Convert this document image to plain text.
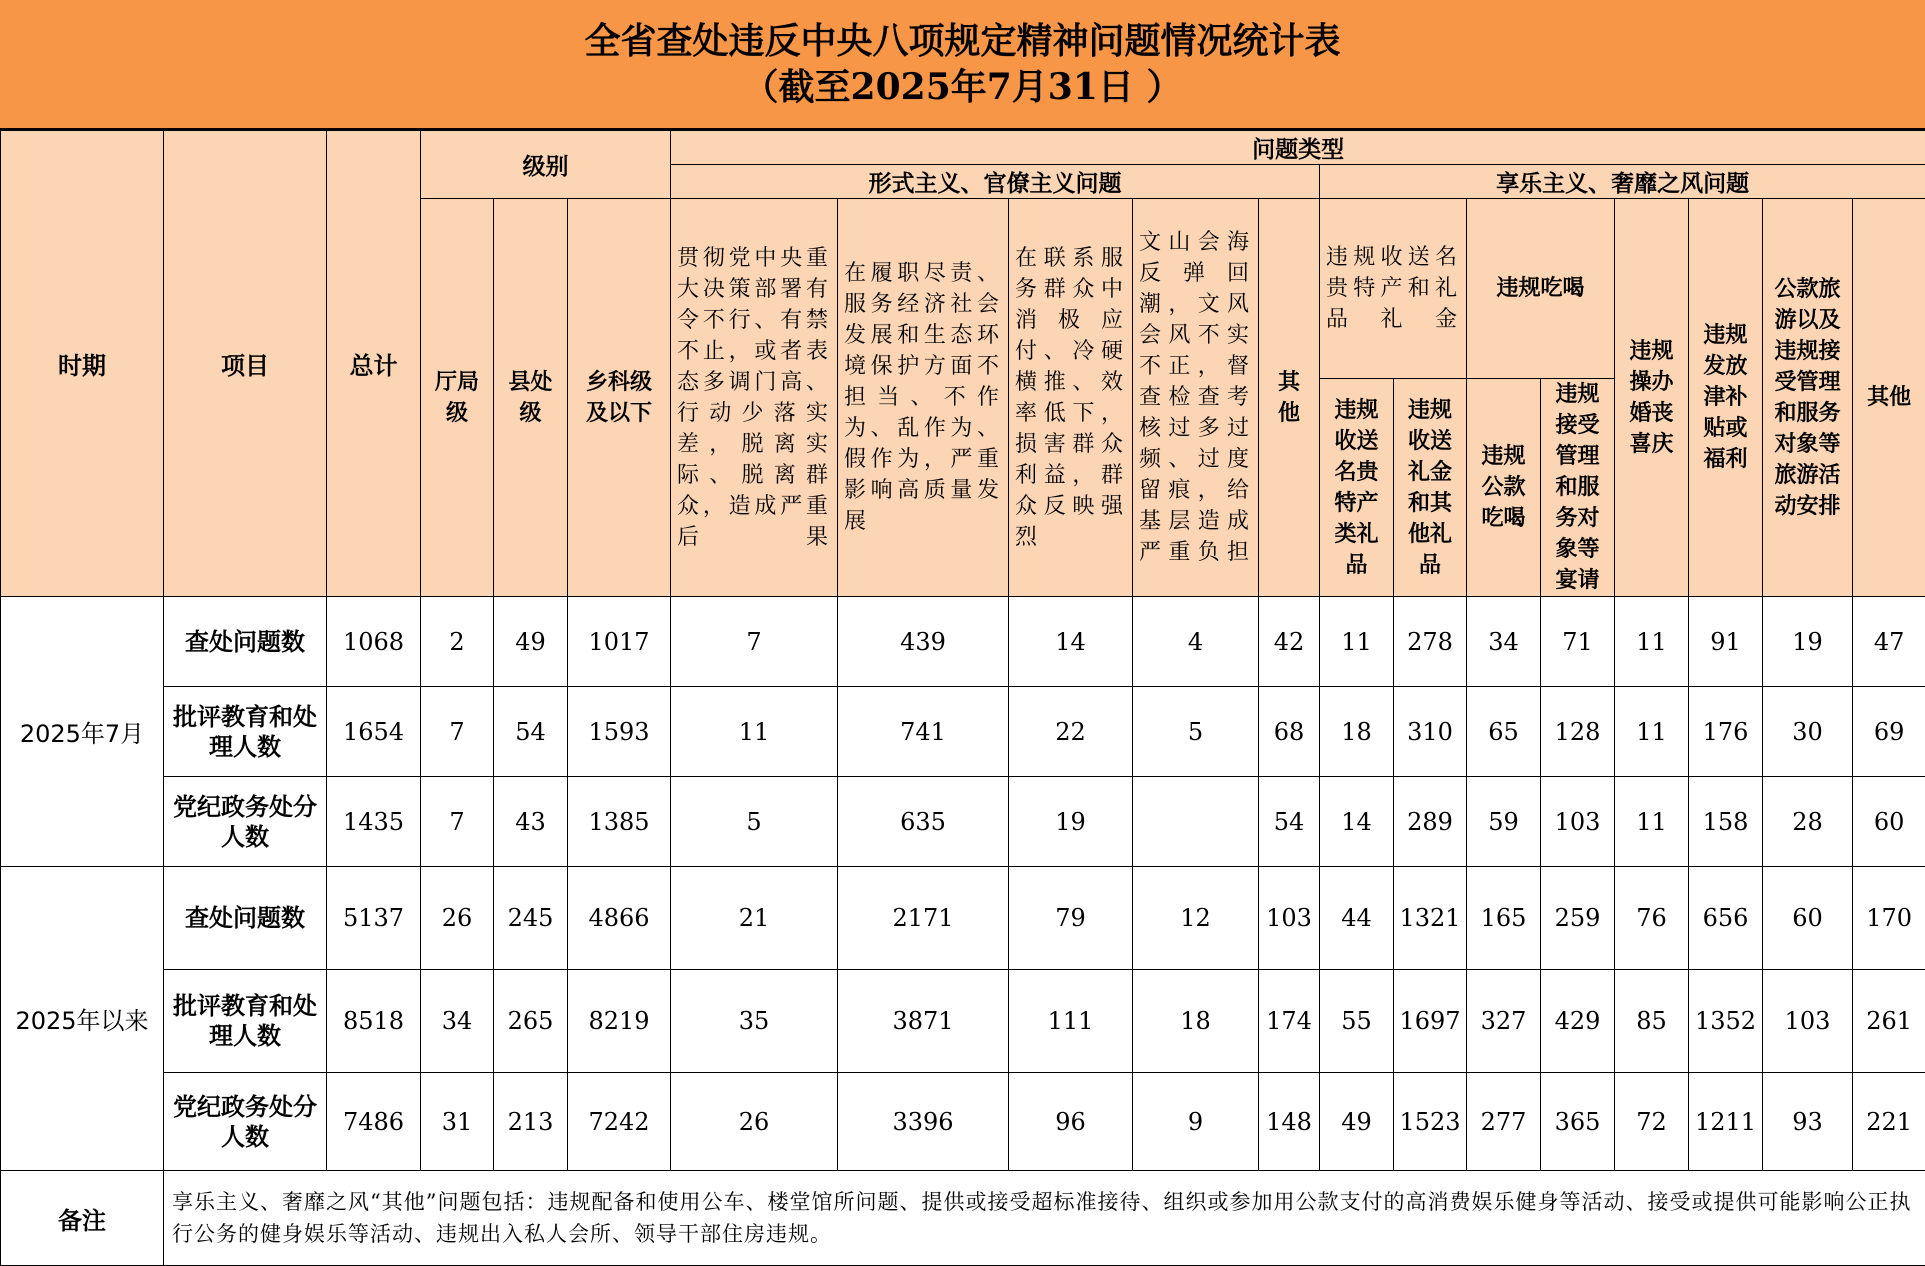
全省查处违反中央八项规定精神问题情况统计表
（截至2025年7月31日 ）
时期	项目	总计	级别			问题类型												
						形式主义、官僚主义问题					享乐主义、奢靡之风问题							

			厅局级	县处级	乡科级及以下	贯彻党中央重大决策部署有令不行、有禁不止，或者表态多调门高、行动少落实差，脱离实际、脱离群众，造成严重后果	在履职尽责、服务经济社会发展和生态环境保护方面不担当、不作为、乱作为、假作为，严重影响高质量发展	在联系服务群众中消极应付、冷硬横推、效率低下，损害群众利益，群众反映强烈	文山会海反弹回潮，文风会风不实不正，督查检查考核过多过频、过度留痕，给基层造成严重负担	其他	违规收送名贵特产和礼品礼金		违规吃喝		违规操办婚丧喜庆	违规发放津补贴或福利	公款旅游以及违规接受管理和服务对象等旅游活动安排	其他

											违规收送名贵特产类礼品	违规收送礼金和其他礼品	违规公款吃喝	违规接受管理和服务对象等宴请				

2025年7月	查处问题数	1068	2	49	1017	7	439	14	4	42	11	278	34	71	11	91	19	47
	批评教育和处理人数	1654	7	54	1593	11	741	22	5	68	18	310	65	128	11	176	30	69
	党纪政务处分人数	1435	7	43	1385	5	635	19		54	14	289	59	103	11	158	28	60
2025年以来	查处问题数	5137	26	245	4866	21	2171	79	12	103	44	1321	165	259	76	656	60	170
	批评教育和处理人数	8518	34	265	8219	35	3871	111	18	174	55	1697	327	429	85	1352	103	261
	党纪政务处分人数	7486	31	213	7242	26	3396	96	9	148	49	1523	277	365	72	1211	93	221
备注	享乐主义、奢靡之风“其他”问题包括：违规配备和使用公车、楼堂馆所问题、提供或接受超标准接待、组织或参加用公款支付的高消费娱乐健身等活动、接受或提供可能影响公正执行公务的健身娱乐等活动、违规出入私人会所、领导干部住房违规。																	
